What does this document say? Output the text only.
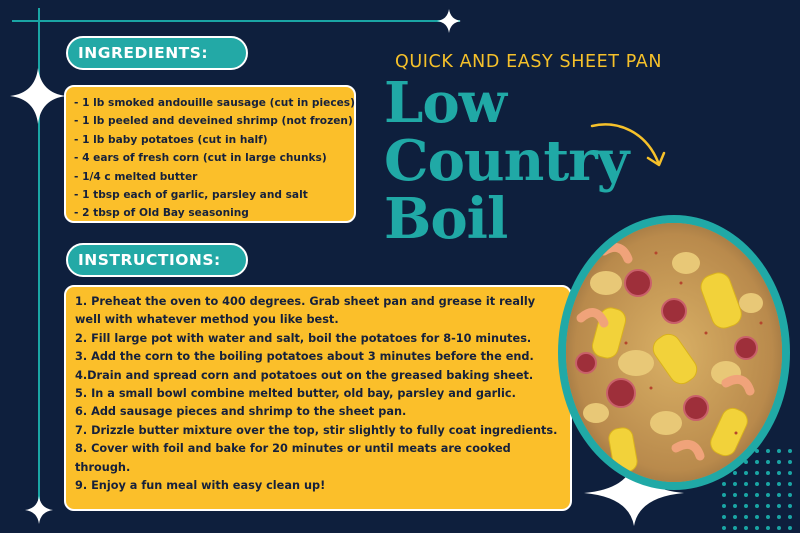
INGREDIENTS:
- 1 lb smoked andouille sausage (cut in pieces)
- 1 lb peeled and deveined shrimp (not frozen)
- 1 lb baby potatoes (cut in half)
- 4 ears of fresh corn (cut in large chunks)
- 1/4 c melted butter
- 1 tbsp each of garlic, parsley and salt
- 2 tbsp of Old Bay seasoning
INSTRUCTIONS:
1. Preheat the oven to 400 degrees. Grab sheet pan and grease it really well with whatever method you like best.
2. Fill large pot with water and salt, boil the potatoes for 8-10 minutes.
3. Add the corn to the boiling potatoes about 3 minutes before the end.
4.Drain and spread corn and potatoes out on the greased baking sheet.
5. In a small bowl combine melted butter, old bay, parsley and garlic.
6. Add sausage pieces and shrimp to the sheet pan.
7. Drizzle butter mixture over the top, stir slightly to fully coat ingredients.
8. Cover with foil and bake for 20 minutes or until meats are cooked through.
9. Enjoy a fun meal with easy clean up!
QUICK AND EASY SHEET PAN
Low
Country
Boil
